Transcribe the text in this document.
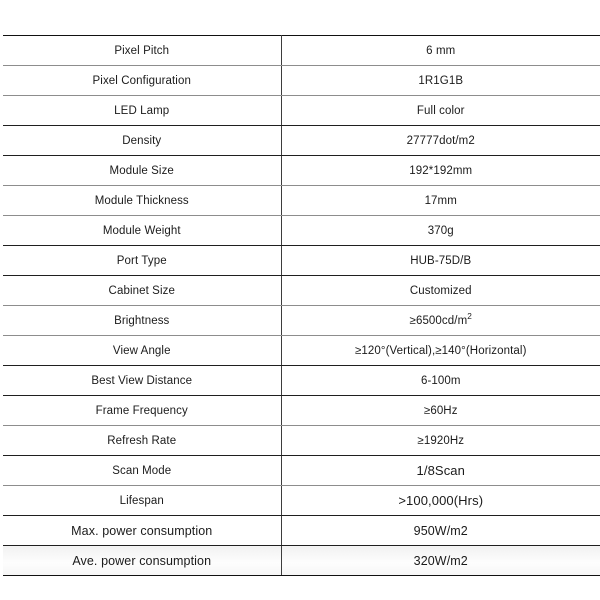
Pixel Pitch	6 mm
Pixel Configuration	1R1G1B
LED Lamp	Full color
Density	27777dot/m2
Module Size	192*192mm
Module Thickness	17mm
Module Weight	370g
Port Type	HUB-75D/B
Cabinet Size	Customized
Brightness	$\ge 6500cd/m^2$
View Angle	≥120°(Vertical),≥140°(Horizontal)
Best View Distance	6-100m
Frame Frequency	≥60Hz
Refresh Rate	≥1920Hz
Scan Mode	1/8Scan
Lifespan	>100,000(Hrs)
Max. power consumption	950W/m2
Ave. power consumption	320W/m2
